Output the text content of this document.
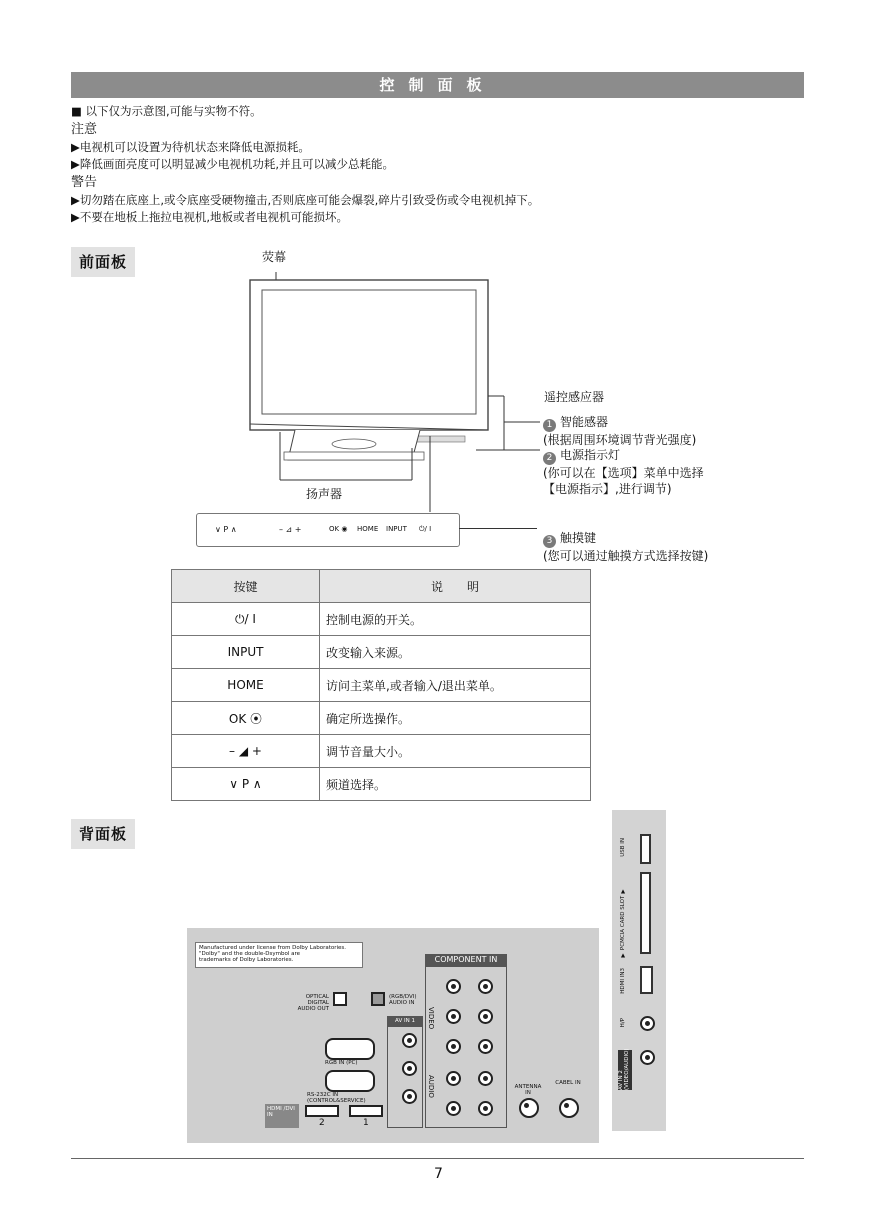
控制面板
■ 以下仅为示意图,可能与实物不符。
注意
▶电视机可以设置为待机状态来降低电源损耗。
▶降低画面亮度可以明显减少电视机功耗,并且可以减少总耗能。
警告
▶切勿踏在底座上,或令底座受硬物撞击,否则底座可能会爆裂,碎片引致受伤或令电视机掉下。
▶不要在地板上拖拉电视机,地板或者电视机可能损坏。
前面板	荧幕
扬声器
遥控感应器
1 智能感器
(根据周围环境调节背光强度)
2 电源指示灯
(你可以在【选项】菜单中选择
【电源指示】,进行调节)
∨ P ∧	– ⊿ +	OK ◉ HOME INPUT ⏻/ I
3 触摸键
(您可以通过触摸方式选择按键)
按键	说　　明
⏻/ I	控制电源的开关。
INPUT	改变输入来源。
HOME	访问主菜单,或者输入/退出菜单。
OK ⦿	确定所选操作。
– ◢ +	调节音量大小。
∨ P ∧	频道选择。
背面板
Manufactured under license from Dolby Laboratories.
"Dolby" and the double-Dsymbol are
trademarks of Dolby Laboratories.
OPTICAL DIGITAL AUDIO OUT
(RGB/DVI) AUDIO IN
RGB IN (PC)
RS-232C IN (CONTROL&SERVICE)
HDMI /DVI IN
2	1
AV IN 1
COMPONENT IN
VIDEO
AUDIO	ANTENNA IN
CABEL IN
USB IN
▼ PCMCIA CARD SLOT ▼
HDMI IN3
H/P
AV IN 2 (VIDEO/AUDIO)
7
